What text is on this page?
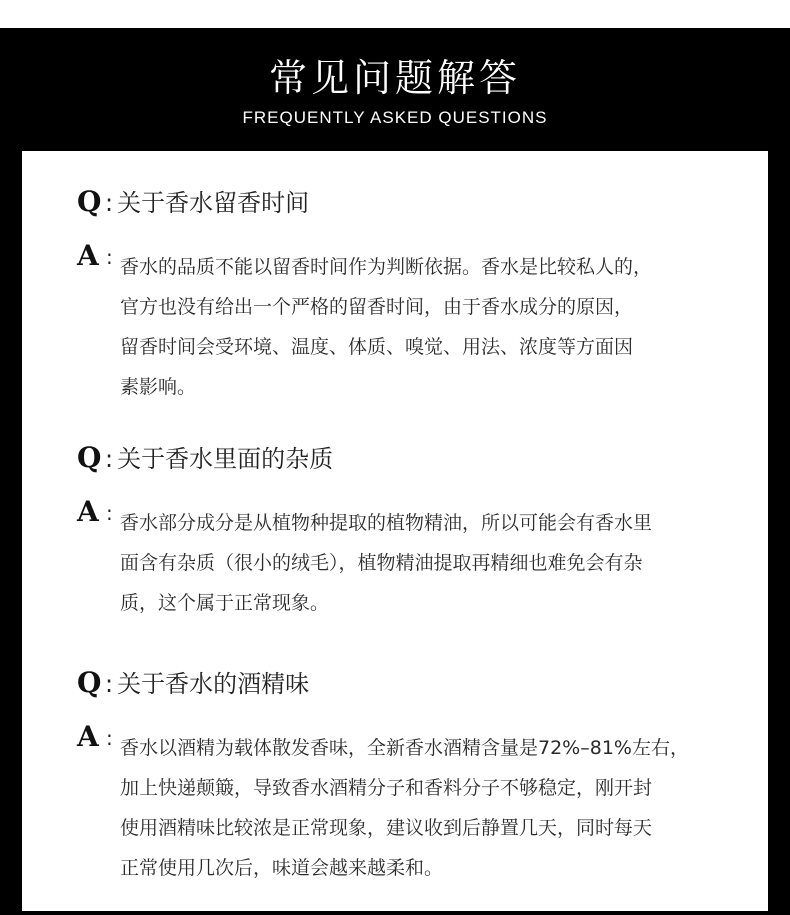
常见问题解答
FREQUENTLY ASKED QUESTIONS
Q : 关于香水留香时间
A : 香水的品质不能以留香时间作为判断依据。香水是比较私人的，
官方也没有给出一个严格的留香时间，由于香水成分的原因，
留香时间会受环境、温度、体质、嗅觉、用法、浓度等方面因
素影响。
Q : 关于香水里面的杂质
A : 香水部分成分是从植物种提取的植物精油，所以可能会有香水里
面含有杂质（很小的绒毛），植物精油提取再精细也难免会有杂
质，这个属于正常现象。
Q : 关于香水的酒精味
A : 香水以酒精为载体散发香味，全新香水酒精含量是72%–81%左右，
加上快递颠簸，导致香水酒精分子和香料分子不够稳定，刚开封
使用酒精味比较浓是正常现象，建议收到后静置几天，同时每天
正常使用几次后，味道会越来越柔和。
